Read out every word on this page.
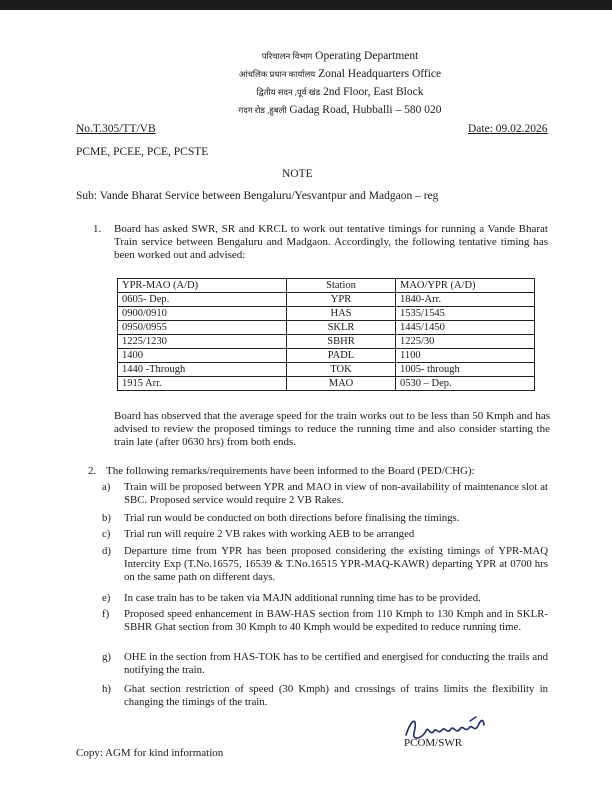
परिचालन विभाग Operating Department
आंचलिक प्रधान कार्यालय Zonal Headquarters Office
द्वितीय सदन ,पूर्व खंड 2nd Floor, East Block
गदग रोड ,हुबली Gadag Road, Hubballi – 580 020
No.T.305/TT/VB	Date: 09.02.2026
PCME, PCEE, PCE, PCSTE
NOTE
Sub: Vande Bharat Service between Bengaluru/Yesvantpur and Madgaon – reg
1. Board has asked SWR, SR and KRCL to work out tentative timings for running a Vande Bharat Train service between Bengaluru and Madgaon. Accordingly, the following tentative timing has been worked out and advised:
YPR-MAO (A/D)	Station	MAO/YPR (A/D)
0605- Dep.	YPR	1840-Arr.
0900/0910	HAS	1535/1545
0950/0955	SKLR	1445/1450
1225/1230	SBHR	1225/30
1400	PADL	1100
1440 -Through	TOK	1005- through
1915 Arr.	MAO	0530 – Dep.
Board has observed that the average speed for the train works out to be less than 50 Kmph and has advised to review the proposed timings to reduce the running time and also consider starting the train late (after 0630 hrs) from both ends.
2. The following remarks/requirements have been informed to the Board (PED/CHG):
a) Train will be proposed between YPR and MAO in view of non-availability of maintenance slot at SBC. Proposed service would require 2 VB Rakes.
b) Trial run would be conducted on both directions before finalising the timings.
c) Trial run will require 2 VB rakes with working AEB to be arranged
d) Departure time from YPR has been proposed considering the existing timings of YPR-MAQ Intercity Exp (T.No.16575, 16539 & T.No.16515 YPR-MAQ-KAWR) departing YPR at 0700 hrs on the same path on different days.
e) In case train has to be taken via MAJN additional running time has to be provided.
f) Proposed speed enhancement in BAW-HAS section from 110 Kmph to 130 Kmph and in SKLR-SBHR Ghat section from 30 Kmph to 40 Kmph would be expedited to reduce running time.
g) OHE in the section from HAS-TOK has to be certified and energised for conducting the trails and notifying the train.
h) Ghat section restriction of speed (30 Kmph) and crossings of trains limits the flexibility in changing the timings of the train.
PCOM/SWR
Copy: AGM for kind information
